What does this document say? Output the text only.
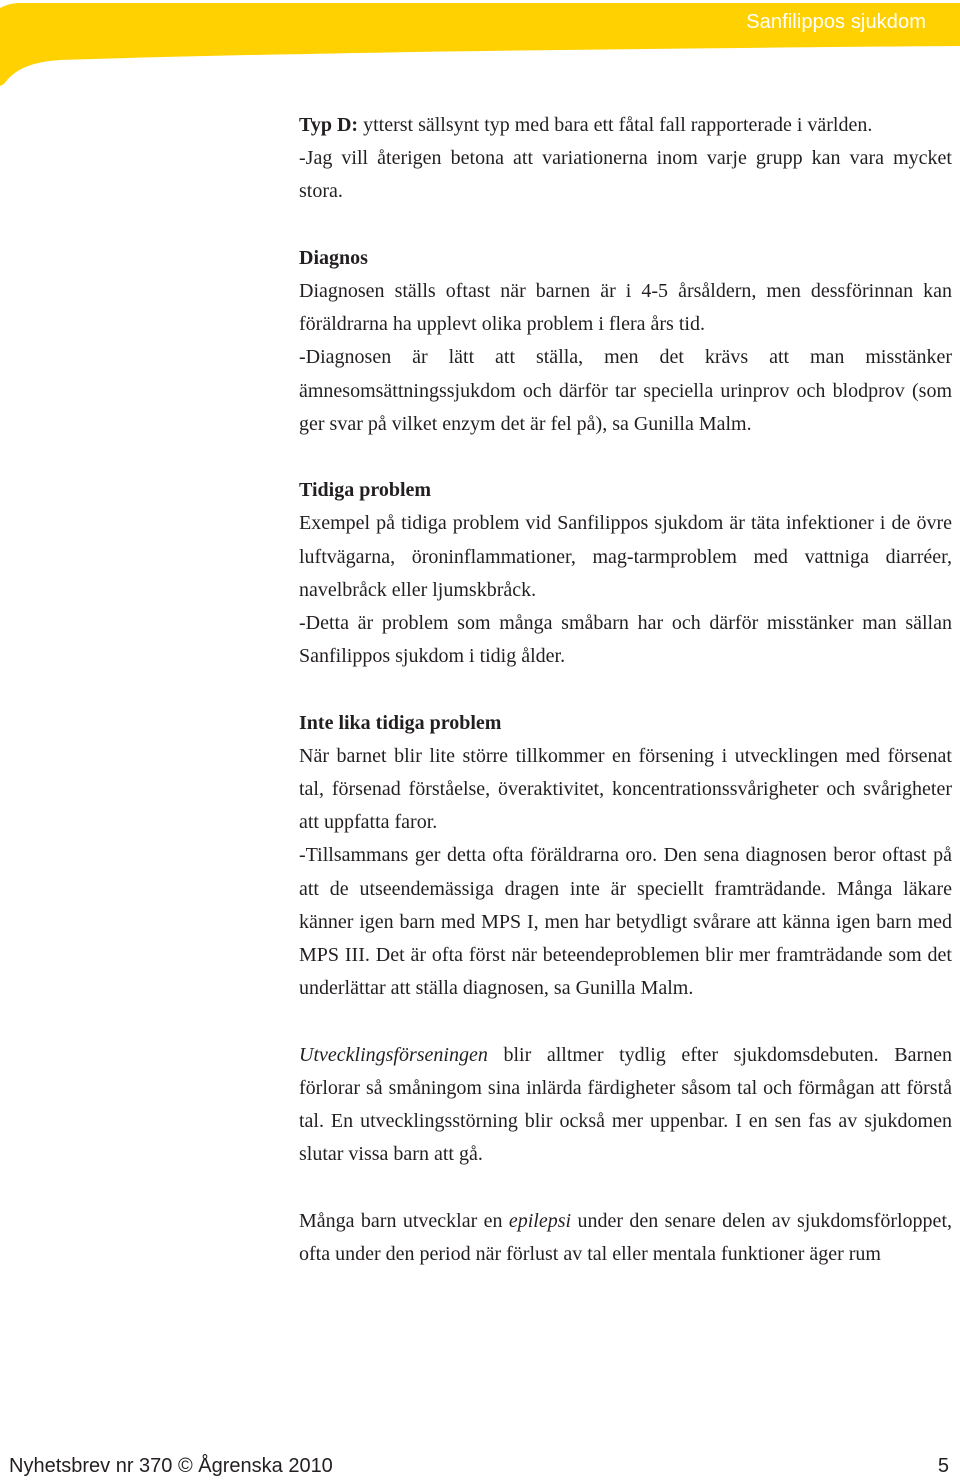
Sanfilippos sjukdom

Typ D: ytterst sällsynt typ med bara ett fåtal fall rapporterade i världen.

-Jag vill återigen betona att variationerna inom varje grupp kan vara mycket stora.

Diagnos

Diagnosen ställs oftast när barnen är i 4-5 årsåldern, men dessförinnan kan föräldrarna ha upplevt olika problem i flera års tid.

-Diagnosen är lätt att ställa, men det krävs att man misstänker ämnesomsättningssjukdom och därför tar speciella urinprov och blodprov (som ger svar på vilket enzym det är fel på), sa Gunilla Malm.

Tidiga problem

Exempel på tidiga problem vid Sanfilippos sjukdom är täta infektioner i de övre luftvägarna, öroninflammationer, mag-tarmproblem med vattniga diarréer, navelbråck eller ljumskbråck.

-Detta är problem som många småbarn har och därför misstänker man sällan Sanfilippos sjukdom i tidig ålder.

Inte lika tidiga problem

När barnet blir lite större tillkommer en försening i utvecklingen med försenat tal, försenad förståelse, överaktivitet, koncentrationssvårigheter och svårigheter att uppfatta faror.

-Tillsammans ger detta ofta föräldrarna oro. Den sena diagnosen beror oftast på att de utseendemässiga dragen inte är speciellt framträdande. Många läkare känner igen barn med MPS I, men har betydligt svårare att känna igen barn med MPS III. Det är ofta först när beteendeproblemen blir mer framträdande som det underlättar att ställa diagnosen, sa Gunilla Malm.

Utvecklingsförseningen blir alltmer tydlig efter sjukdomsdebuten. Barnen förlorar så småningom sina inlärda färdigheter såsom tal och förmågan att förstå tal. En utvecklingsstörning blir också mer uppenbar. I en sen fas av sjukdomen slutar vissa barn att gå.

Många barn utvecklar en epilepsi under den senare delen av sjukdomsförloppet, ofta under den period när förlust av tal eller mentala funktioner äger rum

Nyhetsbrev nr 370 © Ågrenska 2010	5
